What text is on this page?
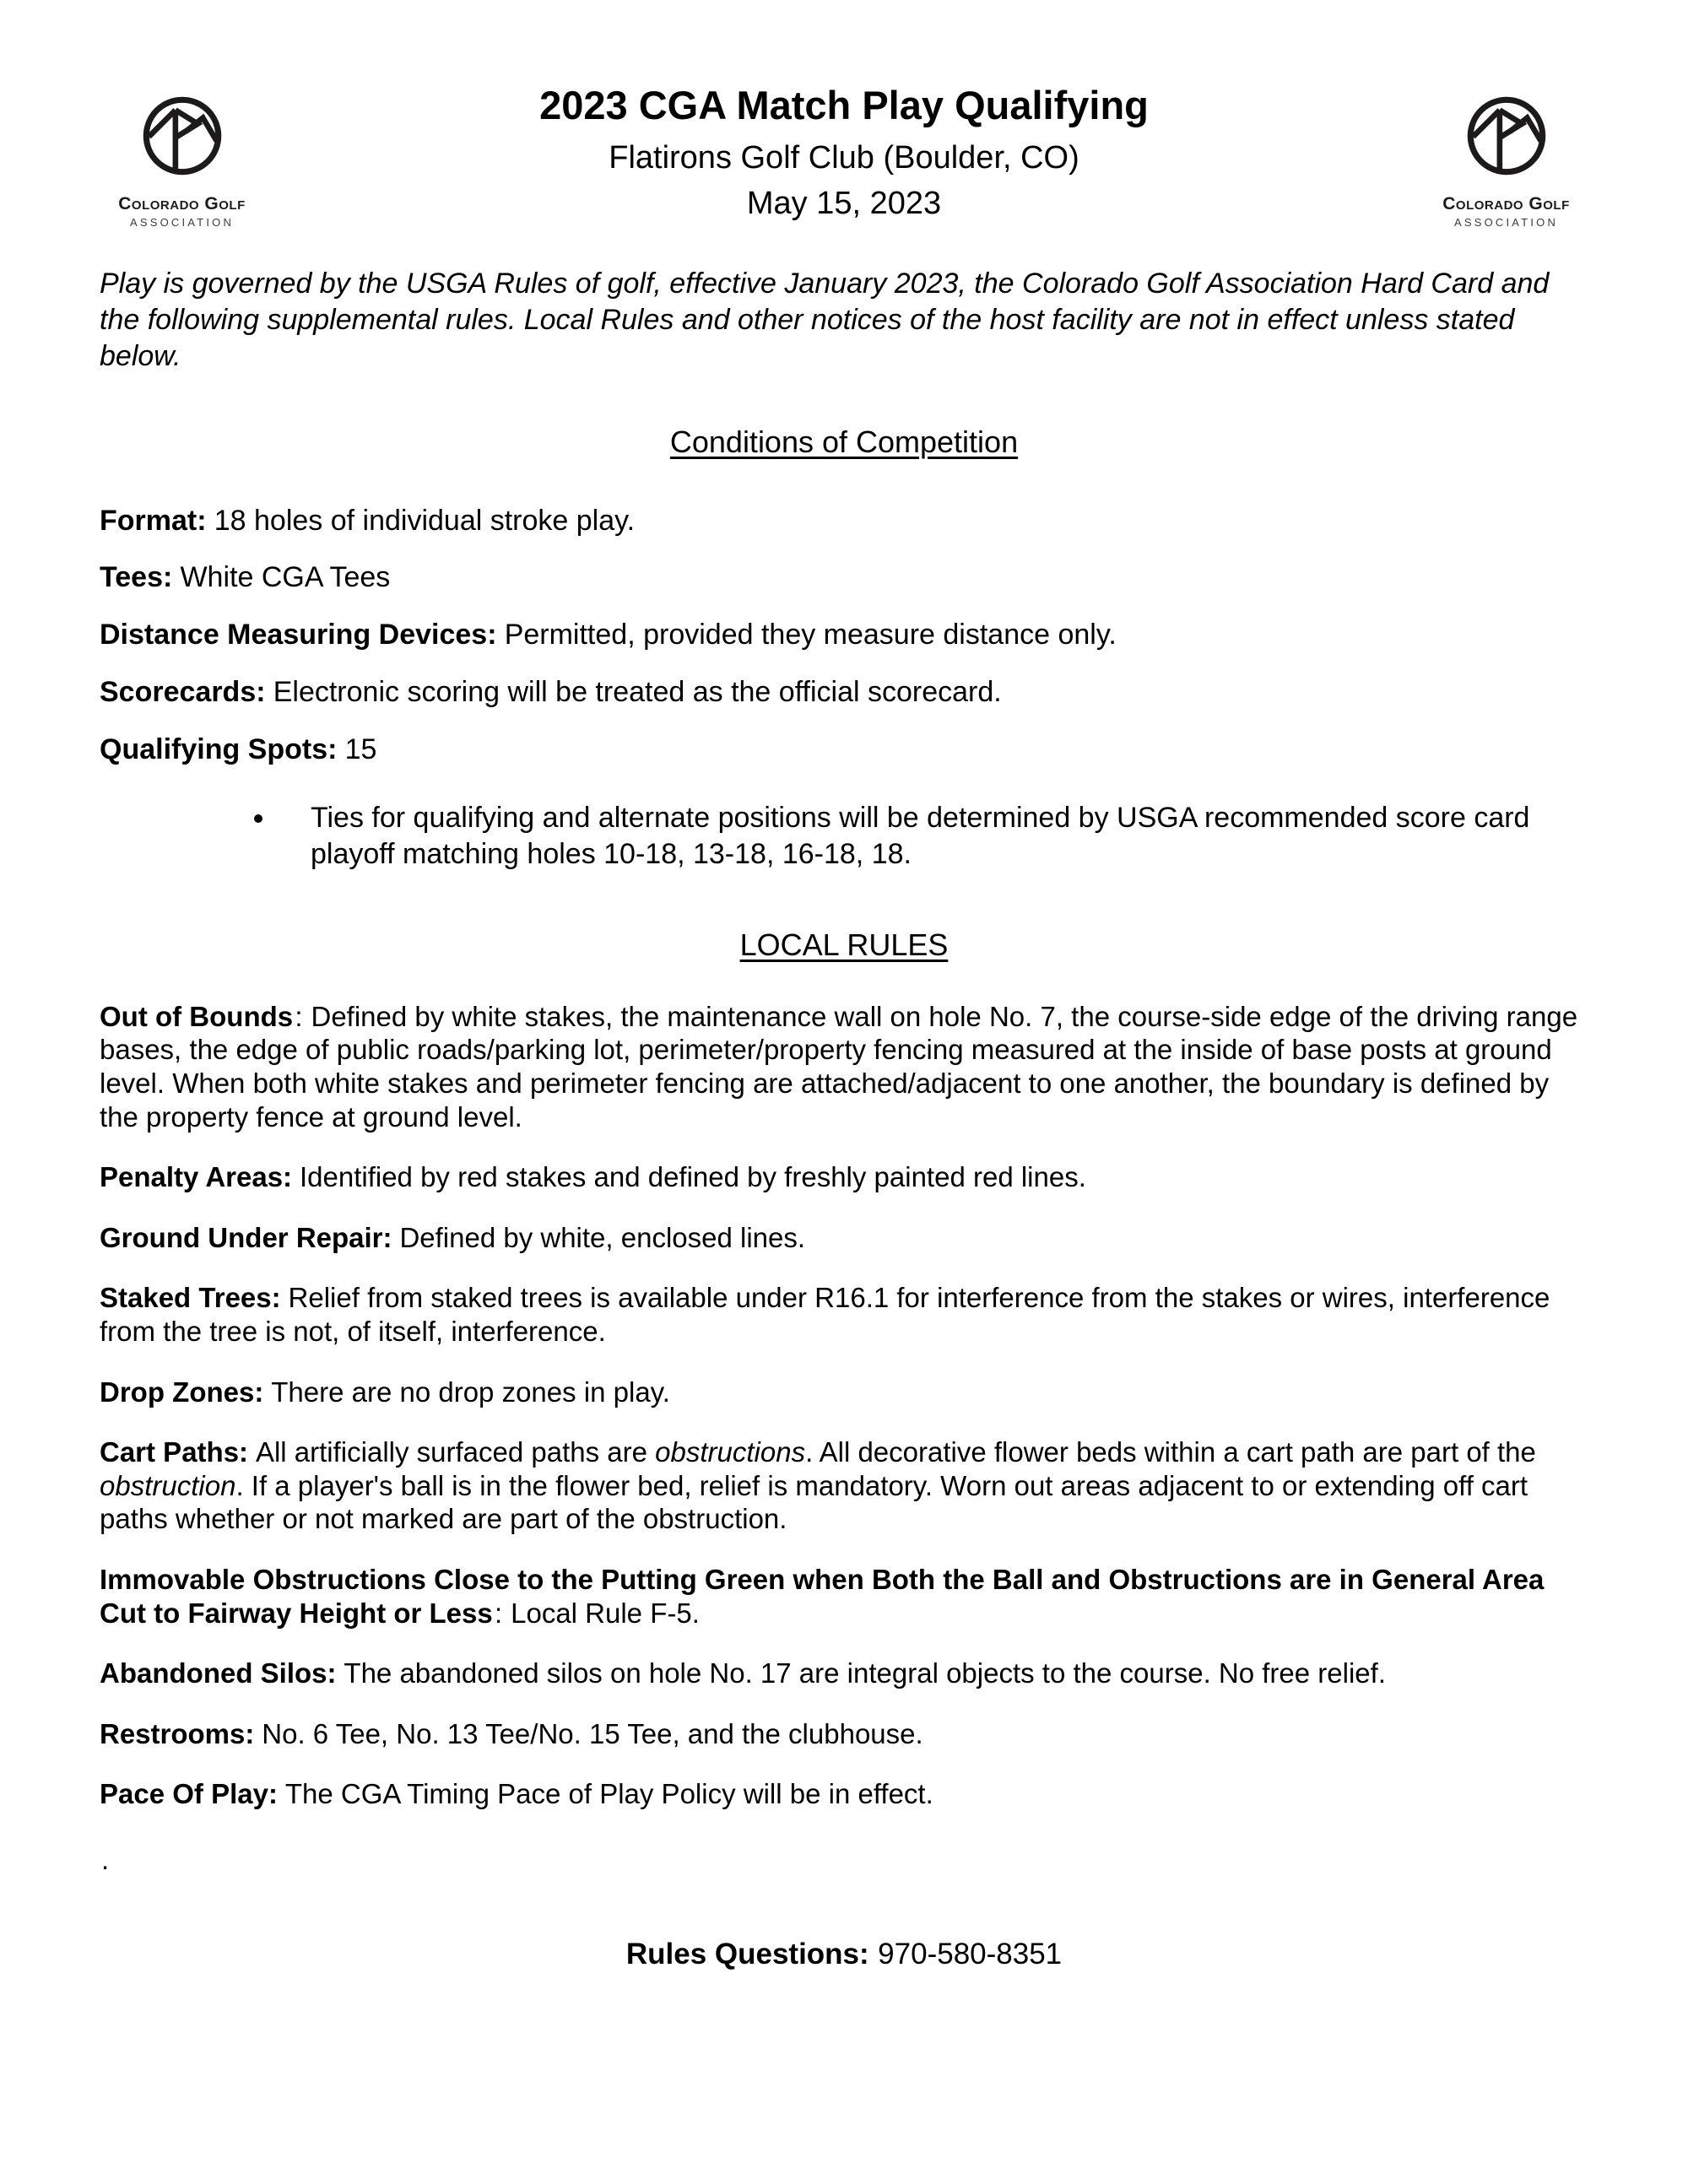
Colorado Golf
ASSOCIATION
2023 CGA Match Play Qualifying
Flatirons Golf Club (Boulder, CO)
May 15, 2023	Colorado Golf
ASSOCIATION

Play is governed by the USGA Rules of golf, effective January 2023, the Colorado Golf Association Hard Card and the following supplemental rules. Local Rules and other notices of the host facility are not in effect unless stated below.

Conditions of Competition

Format: 18 holes of individual stroke play.

Tees: White CGA Tees

Distance Measuring Devices: Permitted, provided they measure distance only.

Scorecards: Electronic scoring will be treated as the official scorecard.

Qualifying Spots: 15

• Ties for qualifying and alternate positions will be determined by USGA recommended score card playoff matching holes 10-18, 13-18, 16-18, 18.
LOCAL RULES

Out of Bounds: Defined by white stakes, the maintenance wall on hole No. 7, the course-side edge of the driving range bases, the edge of public roads/parking lot, perimeter/property fencing measured at the inside of base posts at ground level. When both white stakes and perimeter fencing are attached/adjacent to one another, the boundary is defined by the property fence at ground level.

Penalty Areas: Identified by red stakes and defined by freshly painted red lines.

Ground Under Repair: Defined by white, enclosed lines.

Staked Trees: Relief from staked trees is available under R16.1 for interference from the stakes or wires, interference from the tree is not, of itself, interference.

Drop Zones: There are no drop zones in play.

Cart Paths: All artificially surfaced paths are obstructions. All decorative flower beds within a cart path are part of the obstruction. If a player's ball is in the flower bed, relief is mandatory. Worn out areas adjacent to or extending off cart paths whether or not marked are part of the obstruction.

Immovable Obstructions Close to the Putting Green when Both the Ball and Obstructions are in General Area Cut to Fairway Height or Less: Local Rule F-5.

Abandoned Silos: The abandoned silos on hole No. 17 are integral objects to the course. No free relief.

Restrooms: No. 6 Tee, No. 13 Tee/No. 15 Tee, and the clubhouse.

Pace Of Play: The CGA Timing Pace of Play Policy will be in effect.

.

Rules Questions: 970-580-8351
